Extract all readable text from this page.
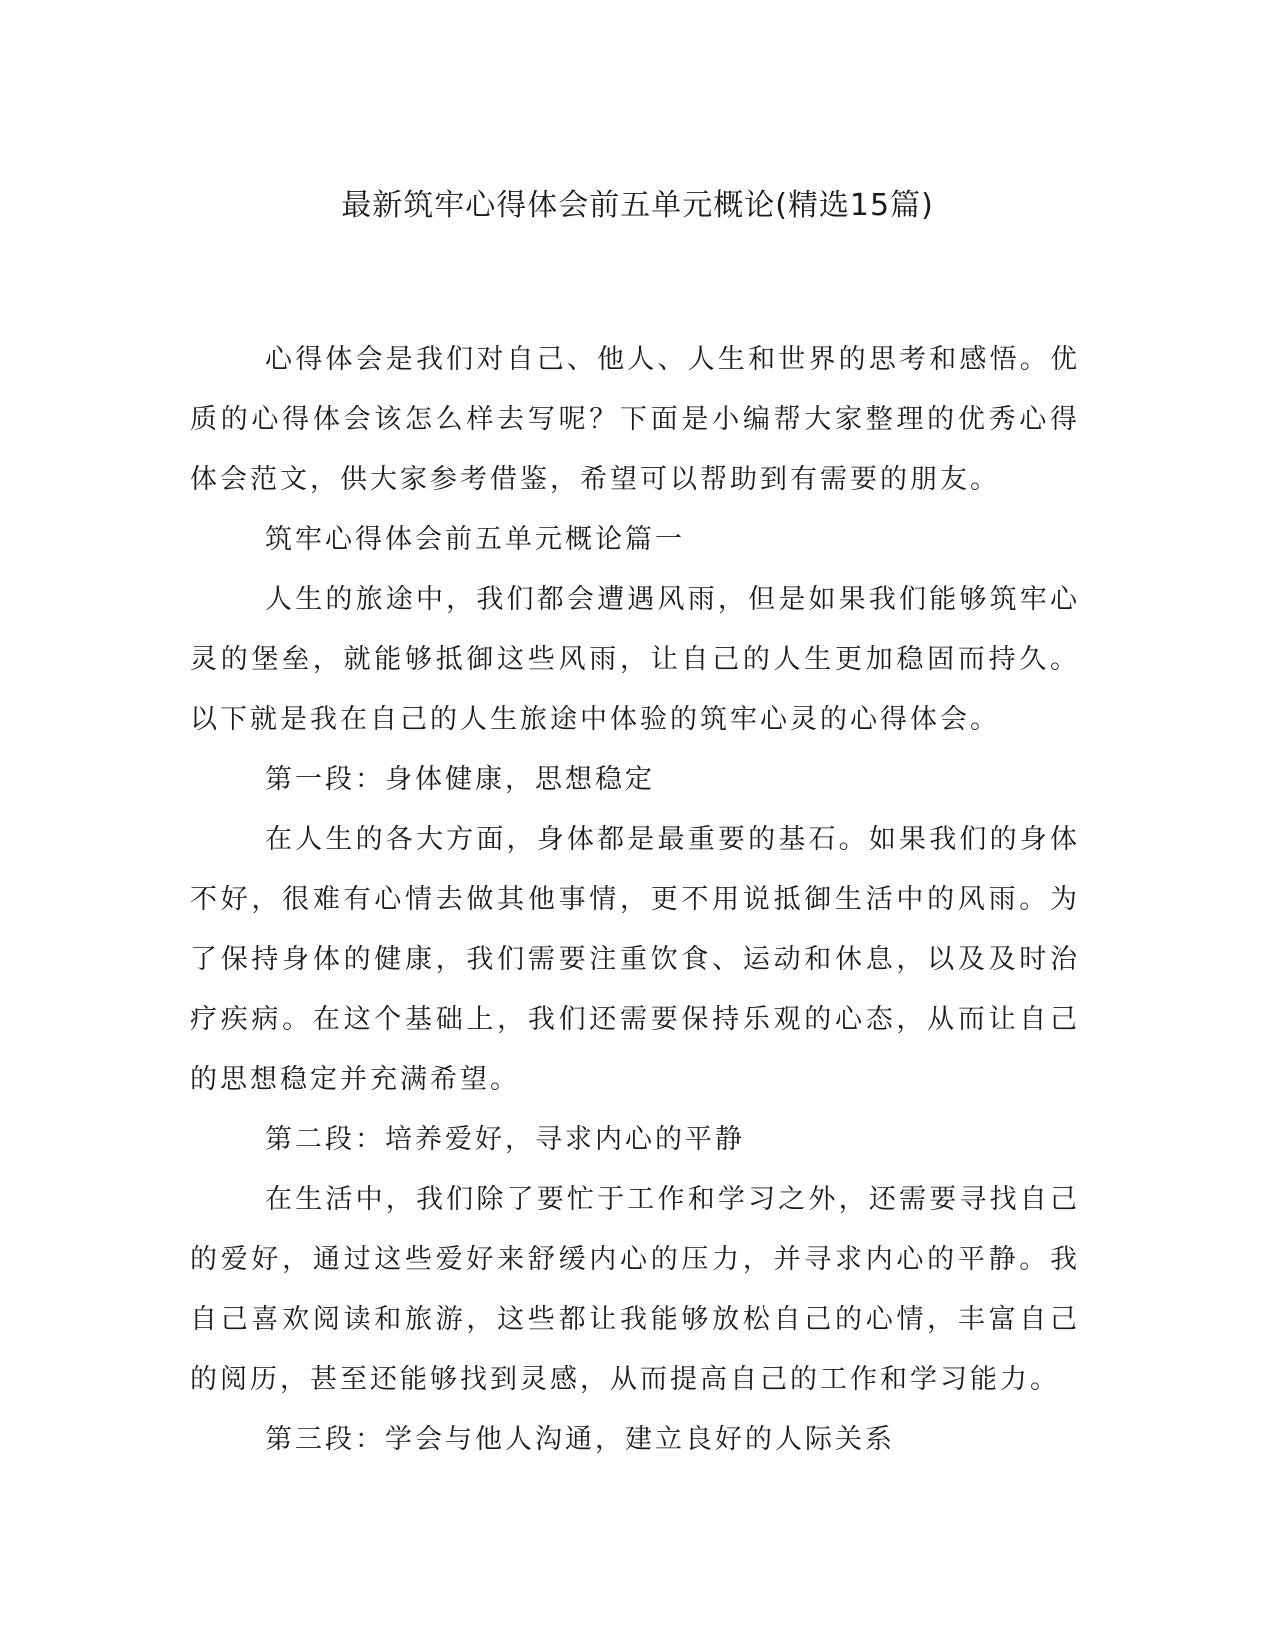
最新筑牢心得体会前五单元概论(精选15篇)

心得体会是我们对自己、他人、人生和世界的思考和感悟。优质的心得体会该怎么样去写呢？下面是小编帮大家整理的优秀心得体会范文，供大家参考借鉴，希望可以帮助到有需要的朋友。

筑牢心得体会前五单元概论篇一

人生的旅途中，我们都会遭遇风雨，但是如果我们能够筑牢心灵的堡垒，就能够抵御这些风雨，让自己的人生更加稳固而持久。以下就是我在自己的人生旅途中体验的筑牢心灵的心得体会。

第一段：身体健康，思想稳定

在人生的各大方面，身体都是最重要的基石。如果我们的身体不好，很难有心情去做其他事情，更不用说抵御生活中的风雨。为了保持身体的健康，我们需要注重饮食、运动和休息，以及及时治疗疾病。在这个基础上，我们还需要保持乐观的心态，从而让自己的思想稳定并充满希望。

第二段：培养爱好，寻求内心的平静

在生活中，我们除了要忙于工作和学习之外，还需要寻找自己的爱好，通过这些爱好来舒缓内心的压力，并寻求内心的平静。我自己喜欢阅读和旅游，这些都让我能够放松自己的心情，丰富自己的阅历，甚至还能够找到灵感，从而提高自己的工作和学习能力。

第三段：学会与他人沟通，建立良好的人际关系
